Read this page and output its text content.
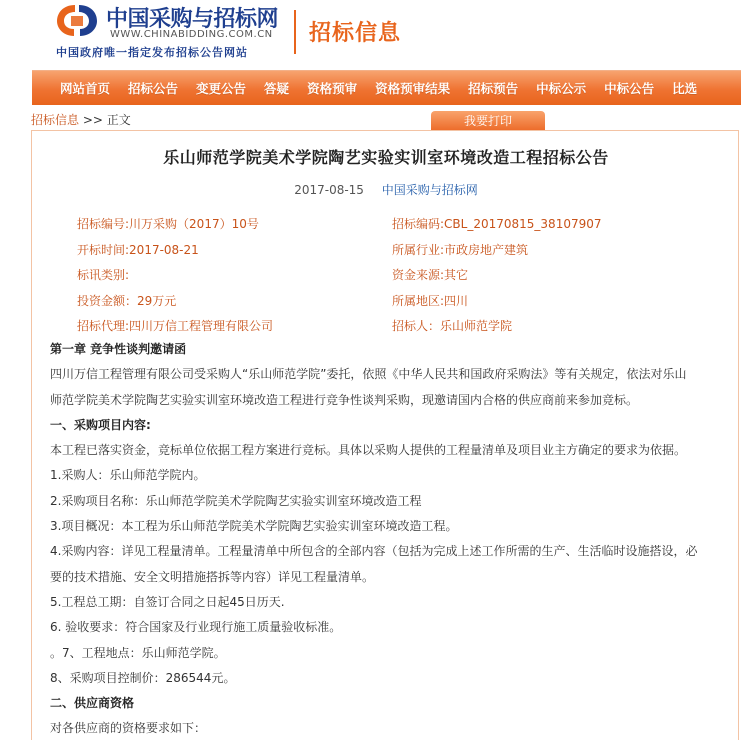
中国采购与招标网
WWW.CHINABIDDING.COM.CN
中国政府唯一指定发布招标公告网站
招标信息
网站首页 招标公告 变更公告 答疑 资格预审 资格预审结果 招标预告 中标公示 中标公告 比选
招标信息 >> 正文	我要打印
乐山师范学院美术学院陶艺实验实训室环境改造工程招标公告
2017-08-15 中国采购与招标网
招标编号:川万采购（2017）10号	招标编码:CBL_20170815_38107907
开标时间:2017-08-21	所属行业:市政房地产建筑
标讯类别:	资金来源:其它
投资金额：29万元	所属地区:四川
招标代理:四川万信工程管理有限公司	招标人：乐山师范学院

第一章 竞争性谈判邀请函

四川万信工程管理有限公司受采购人“乐山师范学院”委托，依照《中华人民共和国政府采购法》等有关规定，依法对乐山

师范学院美术学院陶艺实验实训室环境改造工程进行竞争性谈判采购，现邀请国内合格的供应商前来参加竞标。

一、采购项目内容:

本工程已落实资金，竞标单位依据工程方案进行竞标。具体以采购人提供的工程量清单及项目业主方确定的要求为依据。

1.采购人：乐山师范学院内。

2.采购项目名称：乐山师范学院美术学院陶艺实验实训室环境改造工程

3.项目概况：本工程为乐山师范学院美术学院陶艺实验实训室环境改造工程。

4.采购内容：详见工程量清单。工程量清单中所包含的全部内容（包括为完成上述工作所需的生产、生活临时设施搭设，必

要的技术措施、安全文明措施搭拆等内容）详见工程量清单。

5.工程总工期：自签订合同之日起45日历天.

6. 验收要求：符合国家及行业现行施工质量验收标准。

。7、工程地点：乐山师范学院。

8、采购项目控制价：286544元。

二、供应商资格

对各供应商的资格要求如下：
